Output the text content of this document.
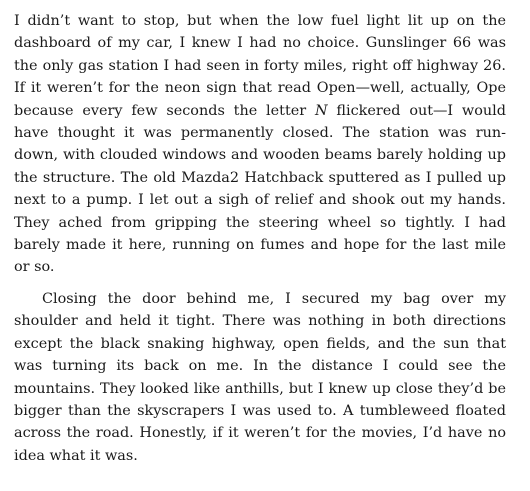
I didn’t want to stop, but when the low fuel light lit up on the dashboard of my car, I knew I had no choice. Gunslinger 66 was the only gas station I had seen in forty miles, right off highway 26. If it weren’t for the neon sign that read Open—well, actually, Ope because every few seconds the letter N flickered out—I would have thought it was permanently closed. The station was run-down, with clouded windows and wooden beams barely holding up the structure. The old Mazda2 Hatchback sputtered as I pulled up next to a pump. I let out a sigh of relief and shook out my hands. They ached from gripping the steering wheel so tightly. I had barely made it here, running on fumes and hope for the last mile or so.

Closing the door behind me, I secured my bag over my shoulder and held it tight. There was nothing in both directions except the black snaking highway, open fields, and the sun that was turning its back on me. In the distance I could see the mountains. They looked like anthills, but I knew up close they’d be bigger than the skyscrapers I was used to. A tumbleweed floated across the road. Honestly, if it weren’t for the movies, I’d have no idea what it was.
